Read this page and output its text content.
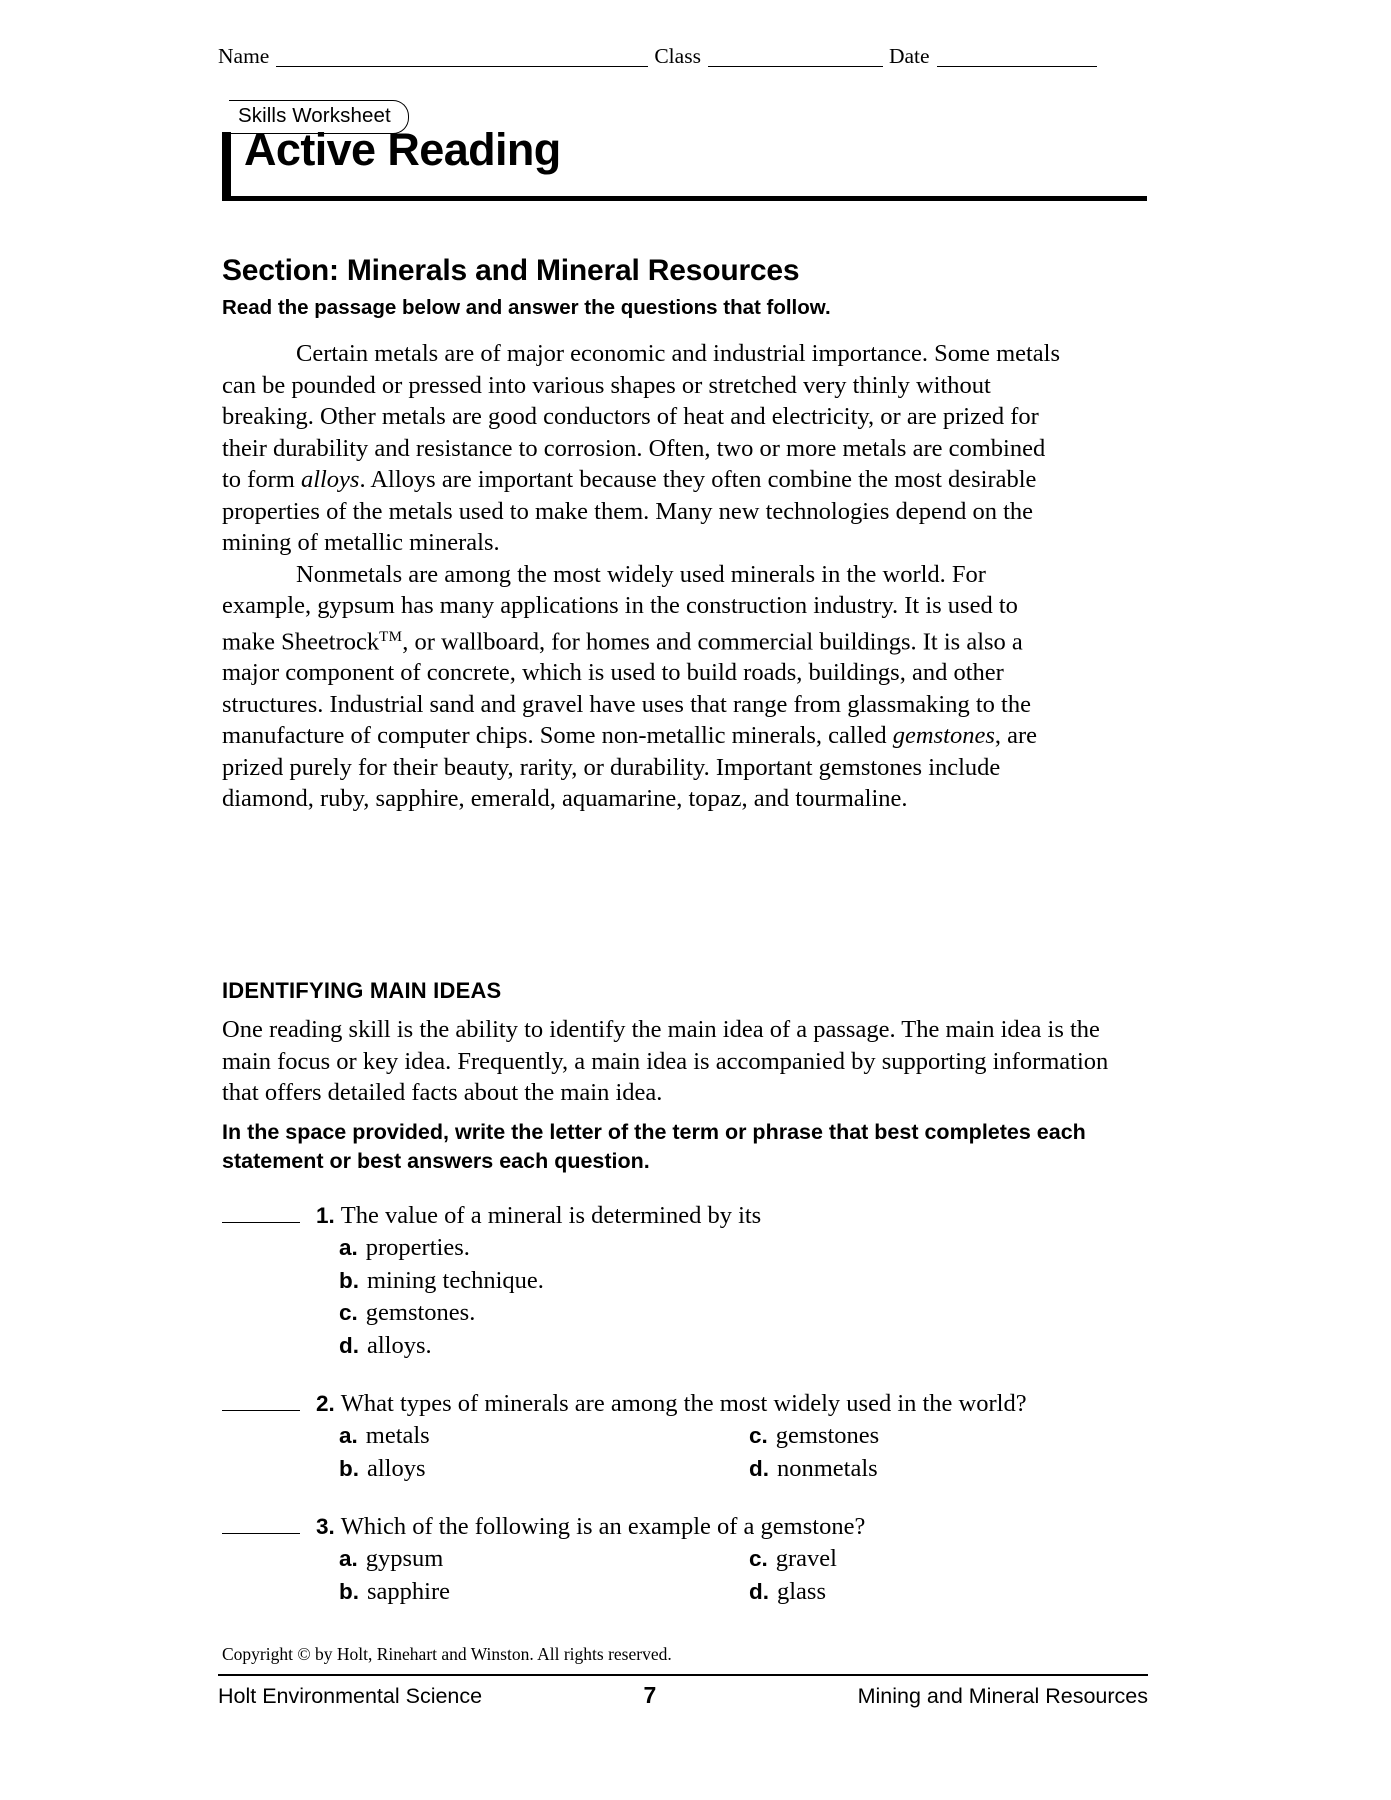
Name	Class	Date
Skills Worksheet
Active Reading
Section: Minerals and Mineral Resources
Read the passage below and answer the questions that follow.

Certain metals are of major economic and industrial importance. Some metals can be pounded or pressed into various shapes or stretched very thinly without breaking. Other metals are good conductors of heat and electricity, or are prized for their durability and resistance to corrosion. Often, two or more metals are combined to form alloys. Alloys are important because they often combine the most desirable properties of the metals used to make them. Many new technologies depend on the mining of metallic minerals.

Nonmetals are among the most widely used minerals in the world. For example, gypsum has many applications in the construction industry. It is used to make Sheetrock™, or wallboard, for homes and commercial buildings. It is also a major component of concrete, which is used to build roads, buildings, and other structures. Industrial sand and gravel have uses that range from glassmaking to the manufacture of computer chips. Some non-metallic minerals, called gemstones, are prized purely for their beauty, rarity, or durability. Important gemstones include diamond, ruby, sapphire, emerald, aquamarine, topaz, and tourmaline.

IDENTIFYING MAIN IDEAS

One reading skill is the ability to identify the main idea of a passage. The main idea is the main focus or key idea. Frequently, a main idea is accompanied by supporting information that offers detailed facts about the main idea.

In the space provided, write the letter of the term or phrase that best completes each statement or best answers each question.
1. The value of a mineral is determined by its
a. properties.
b. mining technique.
c. gemstones.
d. alloys.
2. What types of minerals are among the most widely used in the world?
a. metals	c. gemstones
b. alloys	d. nonmetals
3. Which of the following is an example of a gemstone?
a. gypsum	c. gravel
b. sapphire	d. glass
Copyright © by Holt, Rinehart and Winston. All rights reserved.
Holt Environmental Science	7	Mining and Mineral Resources
